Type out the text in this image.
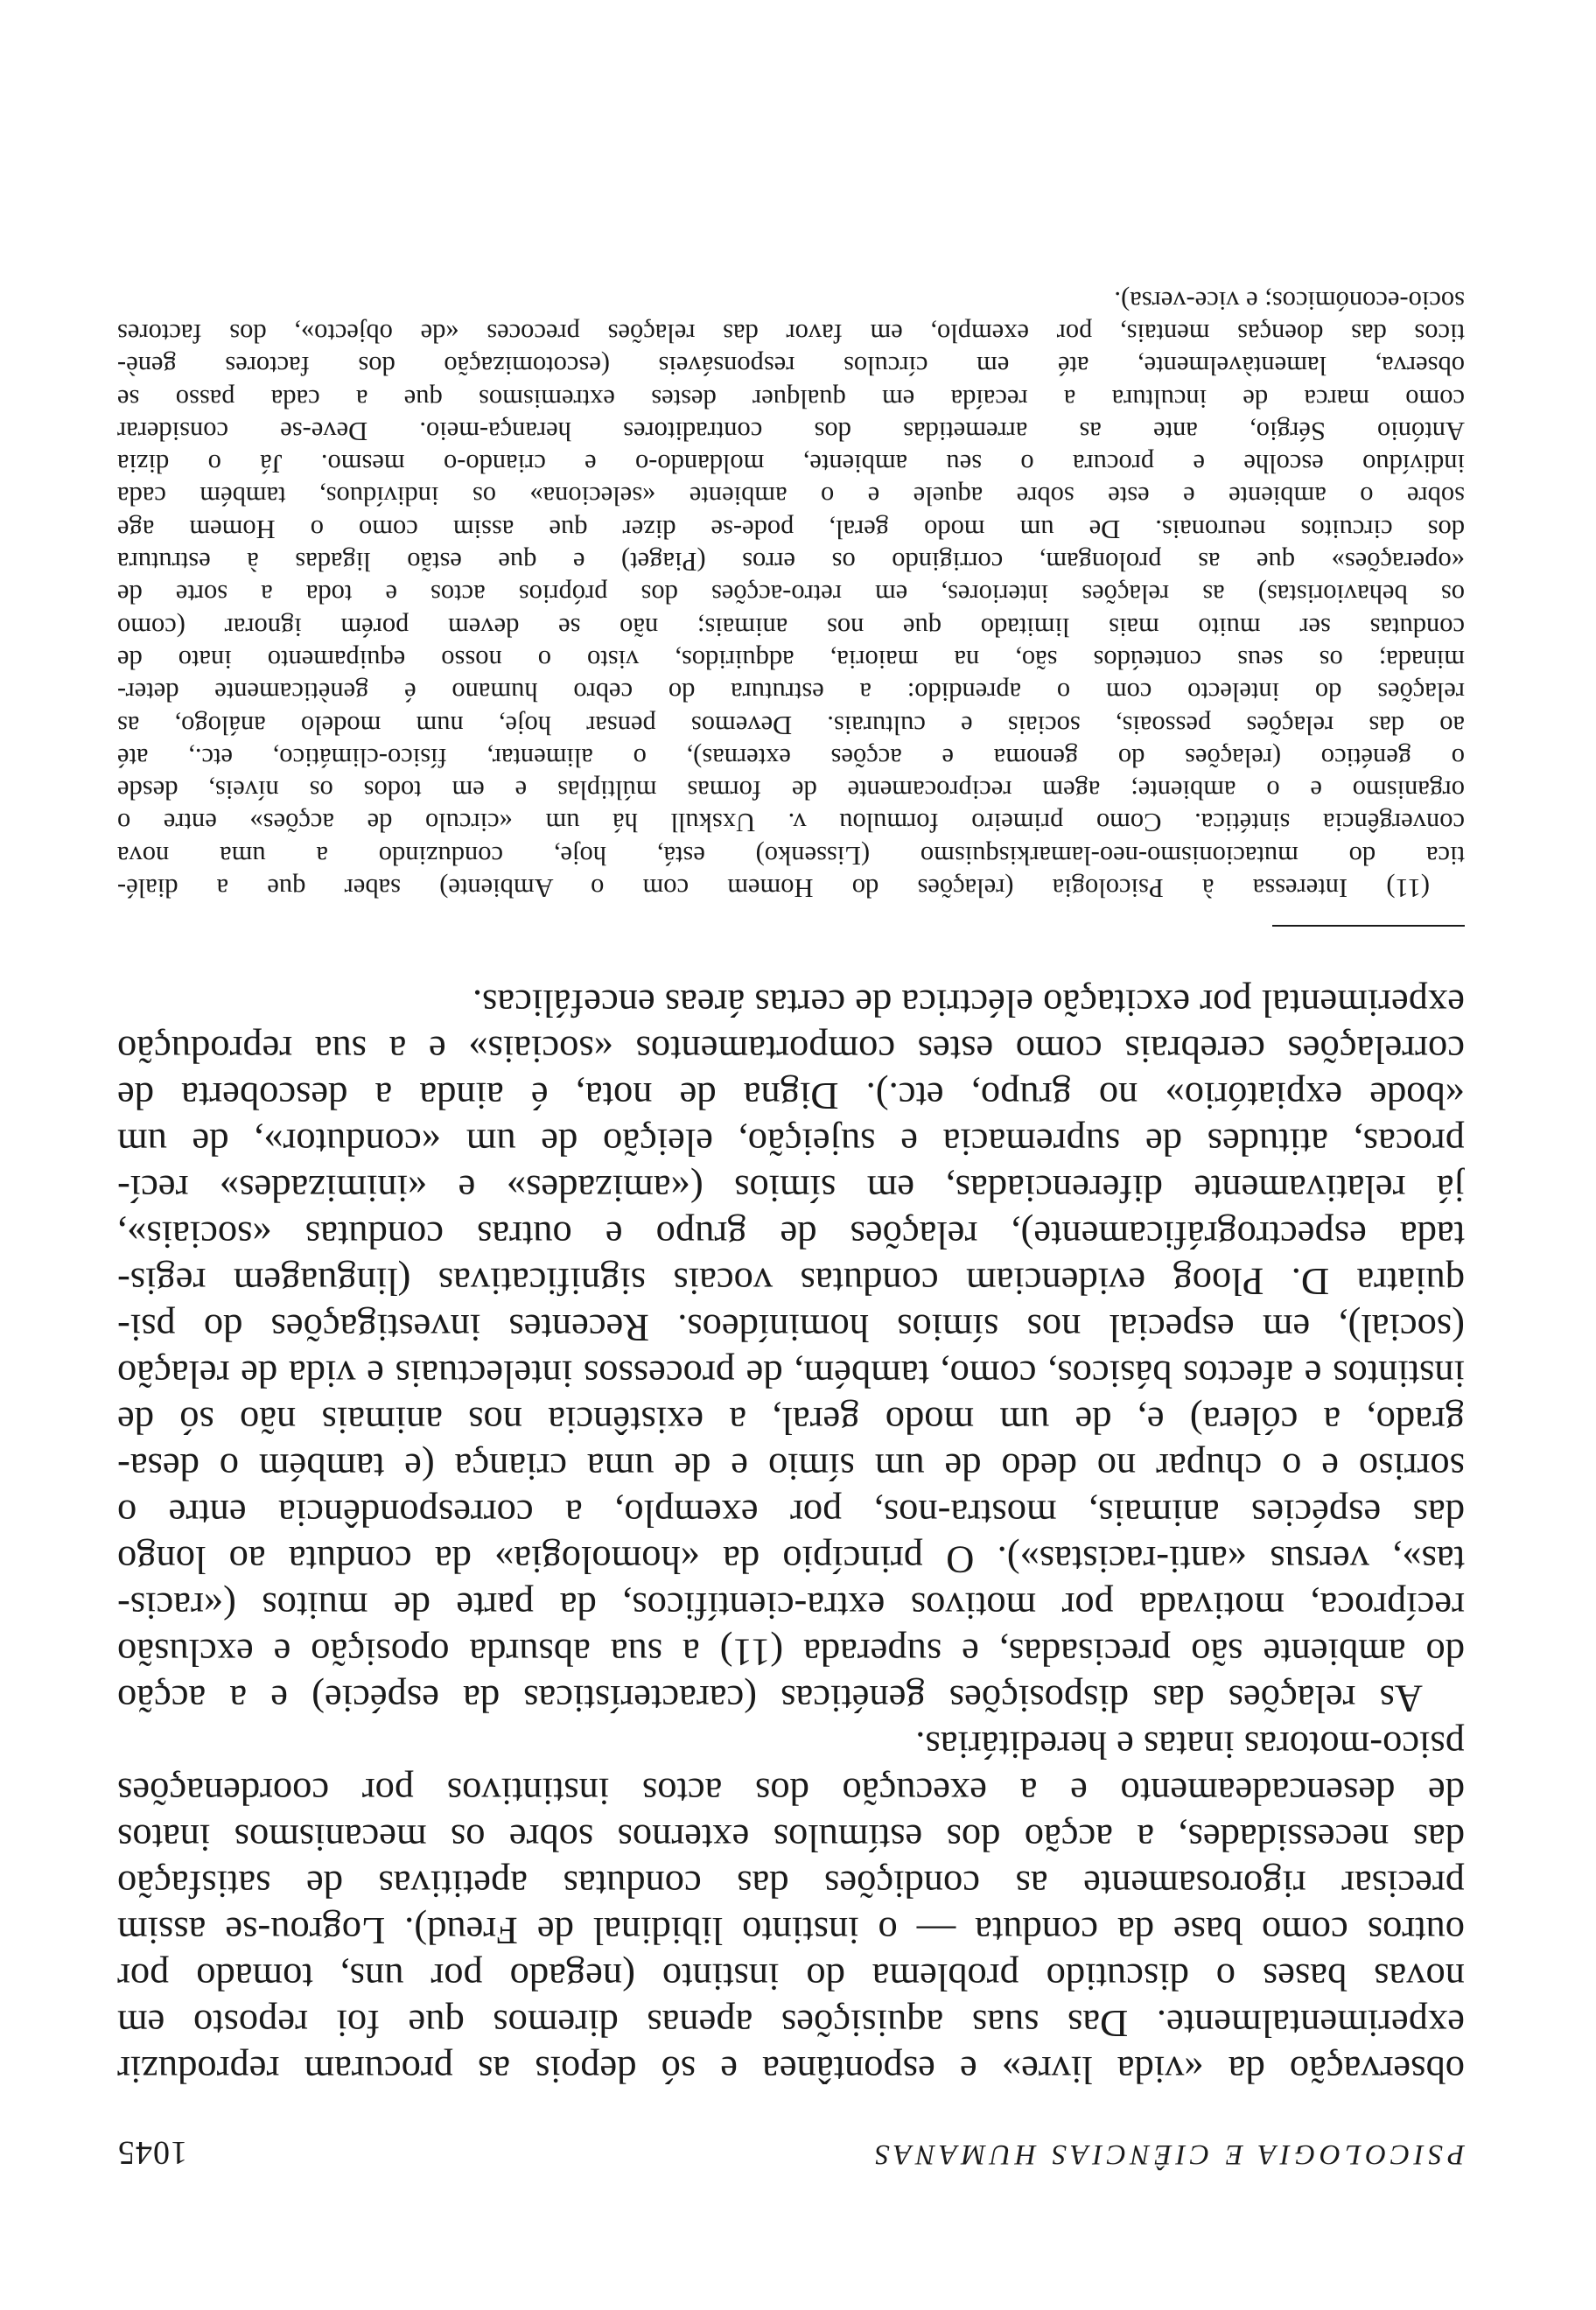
PSICOLOGIA E CIÊNCIAS HUMANAS
1045
observação da «vida livre» e espontânea e só depois as procuram reproduzir
experimentalmente. Das suas aquisições apenas diremos que foi reposto em
novas bases o discutido problema do instinto (negado por uns, tomado por
outros como base da conduta — o instinto libidinal de Freud). Logrou-se assim
precisar rigorosamente as condições das condutas apetitivas de satisfação
das necessidades, a acção dos estímulos externos sobre os mecanismos inatos
de desencadeamento e a execução dos actos instintivos por coordenações
psico-motoras inatas e hereditárias.
As relações das disposições genéticas (características da espécie) e a acção
do ambiente são precisadas, e superada (11) a sua absurda oposição e exclusão
recíproca, motivada por motivos extra-científicos, da parte de muitos («racis-
tas», versus «anti-racistas»). O princípio da «homologia» da conduta ao longo
das espécies animais, mostra-nos, por exemplo, a correspondência entre o
sorriso e o chupar no dedo de um símio e de uma criança (e também o desa-
grado, a cólera) e, de um modo geral, a existência nos animais não só de
instintos e afectos básicos, como, também, de processos intelectuais e vida de relação
(social), em especial nos símios hominídeos. Recentes investigações do psi-
quiatra D. Ploog evidenciam condutas vocais significativas (linguagem regis-
tada espectrográficamente), relações de grupo e outras condutas «sociais»,
já relativamente diferenciadas, em símios («amizades» e «inimizades» recí-
procas, atitudes de supremacia e sujeição, eleição de um «condutor», de um
«bode expiatório» no grupo, etc.). Digna de nota, é ainda a descoberta de
correlações cerebrais como estes comportamentos «sociais» e a sua reprodução
experimental por excitação eléctrica de certas áreas encefálicas.
(11) Interessa à Psicologia (relações do Homem com o Ambiente) saber que a dialé-
tica do mutacionismo-neo-lamarkisquismo (Lissenko) está, hoje, conduzindo a uma nova
convergência sintética. Como primeiro formulou v. Uxskull há um «circulo de acções» entre o
organismo e o ambiente; agem reciprocamente de formas múltiplas e em todos os níveis, desde
o genético (relações do genoma e acções externas), o alimentar, físico-climático, etc., até
ao das relações pessoais, sociais e culturais. Devemos pensar hoje, num modelo análogo, as
relações do intelecto com o aprendido: a estrutura do cebro humano é genèticamente deter-
minada; os seus conteúdos são, na maioria, adquiridos, visto o nosso equipamento inato de
condutas ser muito mais limitado que nos animais; não se devem porém ignorar (como
os behavioristas) as relações interiores, em retro-acções dos próprios actos e toda a sorte de
«operações» que as prolongam, corrigindo os erros (Piaget) e que estão ligadas à estrutura
dos circuitos neuronais. De um modo geral, pode-se dizer que assim como o Homem age
sobre o ambiente e este sobre aquele e o ambiente «seleciona» os indivíduos, também cada
indivíduo escolhe e procura o seu ambiente, moldando-o e criando-o mesmo. Já o dizia
António Sérgio, ante as arremetidas dos contraditores herança-meio. Deve-se considerar
como marca de incultura a recaída em qualquer destes extremismos que a cada passo se
observa, lamentàvelmente, até em círculos responsáveis (escotomização dos factores genè-
ticos das doenças mentais, por exemplo, em favor das relações precoces «de objecto», dos factores
socio-económicos; e vice-versa).
